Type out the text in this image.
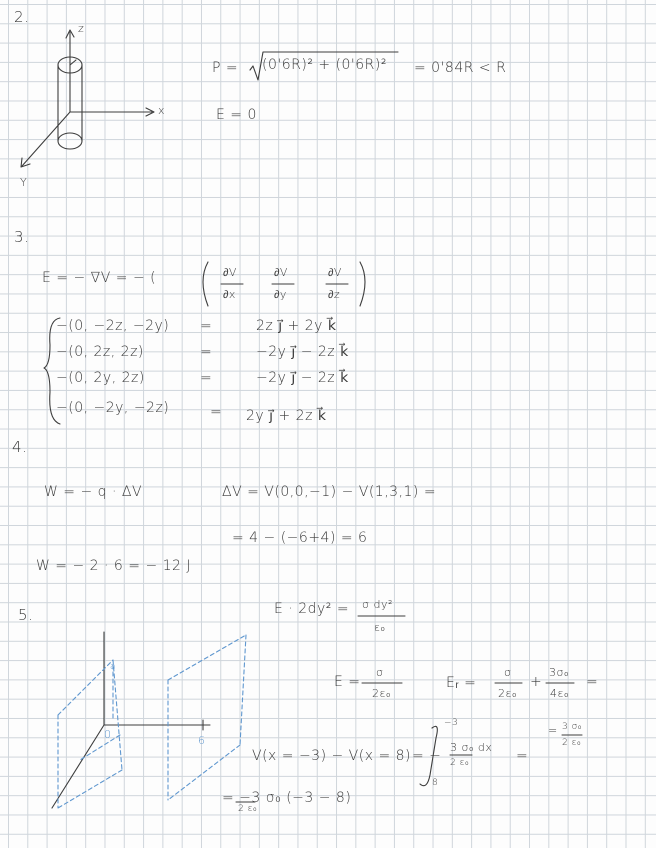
2.
z
x
Y
P = (0'6R)² + (0'6R)² = 0'84R < R
E = 0
3.
E = − ∇V = − (	∂V
∂x
∂V
∂y
∂V
∂z
−(0, −2z, −2y) =	2z j⃗ + 2y k⃗
−(0, 2z, 2z)	=	−2y j⃗ − 2z k⃗
−(0, 2y, 2z)	=	−2y j⃗ − 2z k⃗
−(0, −2y, −2z)	= 2y j⃗ + 2z k⃗
4.
W = − q · ΔV	ΔV = V(0,0,−1) − V(1,3,1) =
= 4 − (−6+4) = 6
W = − 2 · 6 = − 12 J
5.	E · 2dy² = σ dy²
ε₀
E =
σ
2ε₀
Eᵣ =
σ
2ε₀
+
3σ₀
4ε₀
=
= 3 σ₀
2 ε₀
V(x = −3) − V(x = 8) = −
−3
8
3 σ₀ dx
2 ε₀	=
= −3 σ₀ (−3 − 8)
2 ε₀
a
0	6
